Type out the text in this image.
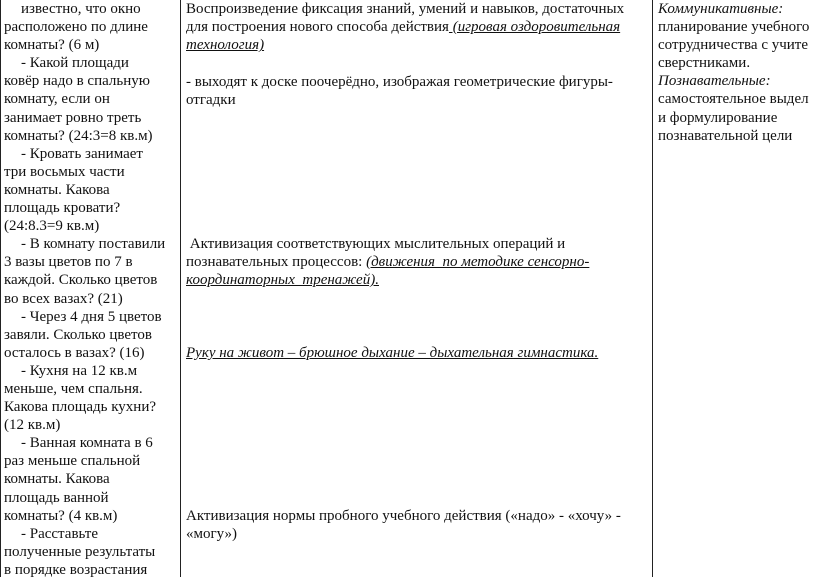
известно, что окно
расположено по длине
комнаты? (6 м)
- Какой площади
ковёр надо в спальную
комнату, если он
занимает ровно треть
комнаты? (24:3=8 кв.м)
- Кровать занимает
три восьмых части
комнаты. Какова
площадь кровати?
(24:8.3=9 кв.м)
- В комнату поставили
3 вазы цветов по 7 в
каждой. Сколько цветов
во всех вазах? (21)
- Через 4 дня 5 цветов
завяли. Сколько цветов
осталось в вазах? (16)
- Кухня на 12 кв.м
меньше, чем спальня.
Какова площадь кухни?
(12 кв.м)
- Ванная комната в 6
раз меньше спальной
комнаты. Какова
площадь ванной
комнаты? (4 кв.м)
- Расставьте
полученные результаты
в порядке возрастания
Воспроизведение фиксация знаний, умений и навыков, достаточных
для построения нового способа действия (игровая оздоровительная
технология)
- выходят к доске поочерёдно, изображая геометрические фигуры-
отгадки
Активизация соответствующих мыслительных операций и
познавательных процессов: (движения  по методике сенсорно-
координаторных  тренажей).
Руку на живот – брюшное дыхание – дыхательная гимнастика.
Активизация нормы пробного учебного действия («надо» - «хочу» -
«могу»)
Коммуникативные:
планирование учебного
сотрудничества с учите
сверстниками.
Познавательные:
самостоятельное выдел
и формулирование
познавательной цели
